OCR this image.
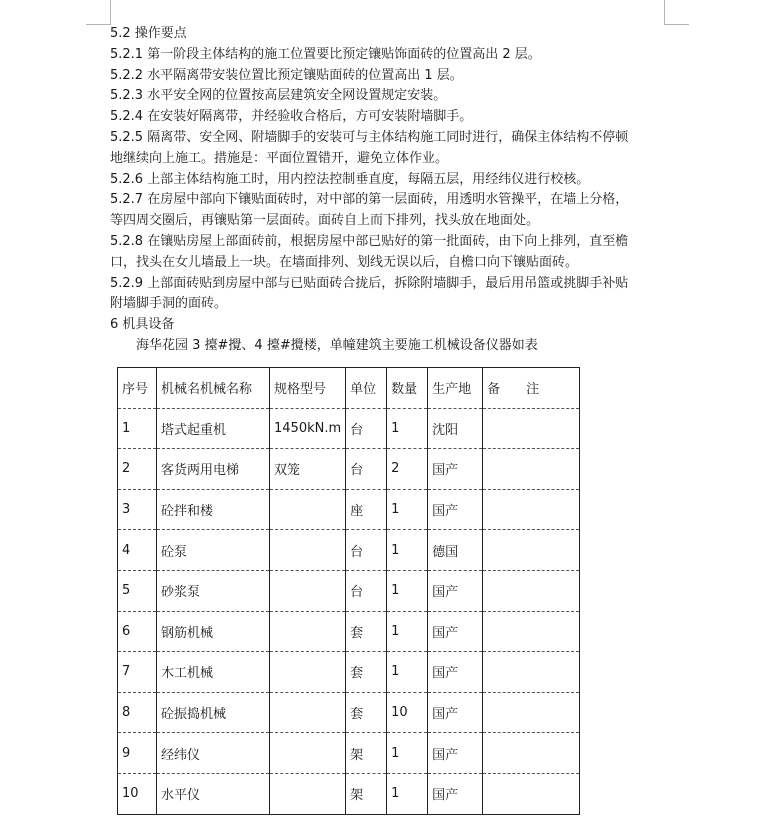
5.2 操作要点
5.2.1 第一阶段主体结构的施工位置要比预定镶贴饰面砖的位置高出 2 层。
5.2.2 水平隔离带安装位置比预定镶贴面砖的位置高出 1 层。
5.2.3 水平安全网的位置按高层建筑安全网设置规定安装。
5.2.4 在安装好隔离带，并经验收合格后，方可安装附墙脚手。
5.2.5 隔离带、安全网、附墙脚手的安装可与主体结构施工同时进行，确保主体结构不停顿
地继续向上施工。措施是：平面位置错开，避免立体作业。
5.2.6 上部主体结构施工时，用内控法控制垂直度，每隔五层，用经纬仪进行校核。
5.2.7 在房屋中部向下镶贴面砖时，对中部的第一层面砖，用透明水管操平，在墙上分格，
等四周交圈后，再镶贴第一层面砖。面砖自上而下排列，找头放在地面处。
5.2.8 在镶贴房屋上部面砖前，根据房屋中部已贴好的第一批面砖，由下向上排列，直至檐
口，找头在女儿墙最上一块。在墙面排列、划线无误以后，自檐口向下镶贴面砖。
5.2.9 上部面砖贴到房屋中部与已贴面砖合拢后，拆除附墙脚手，最后用吊篮或挑脚手补贴
附墙脚手洞的面砖。
6 机具设备
海华花园 3 擡#攪、4 擡#攪楼，单幢建筑主要施工机械设备仪器如表
序号	机械名机械名称	规格型号	单位	数量	生产地	备　　注
1	塔式起重机	1450kN.m	台	1	沈阳	
2	客货两用电梯	双笼	台	2	国产	
3	砼拌和楼		座	1	国产	
4	砼泵		台	1	德国	
5	砂浆泵		台	1	国产	
6	钢筋机械		套	1	国产	
7	木工机械		套	1	国产	
8	砼振捣机械		套	10	国产	
9	经纬仪		架	1	国产	
10	水平仪		架	1	国产	
